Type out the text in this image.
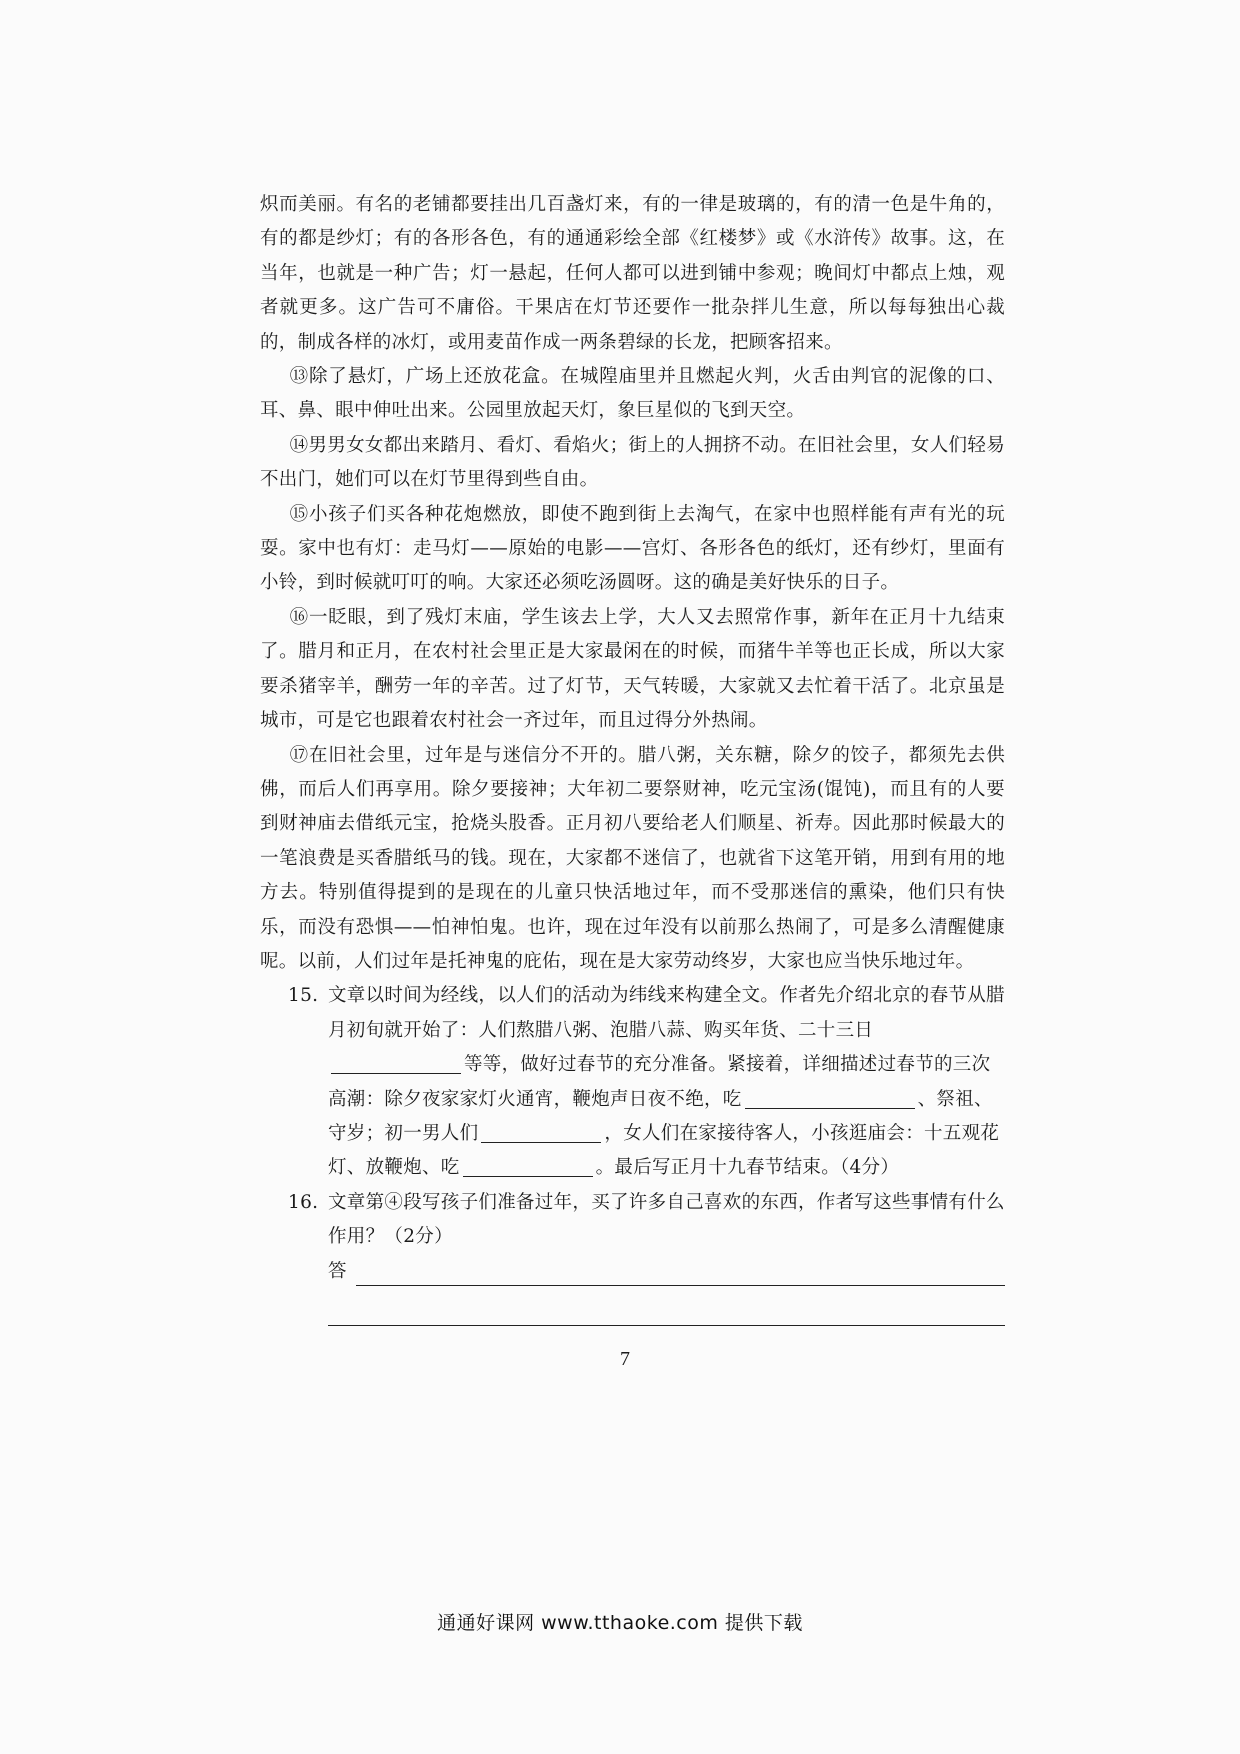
炽而美丽。有名的老铺都要挂出几百盏灯来，有的一律是玻璃的，有的清一色是牛角的，有的都是纱灯；有的各形各色，有的通通彩绘全部《红楼梦》或《水浒传》故事。这，在当年，也就是一种广告；灯一悬起，任何人都可以进到铺中参观；晚间灯中都点上烛，观者就更多。这广告可不庸俗。干果店在灯节还要作一批杂拌儿生意，所以每每独出心裁的，制成各样的冰灯，或用麦苗作成一两条碧绿的长龙，把顾客招来。

⑬除了悬灯，广场上还放花盒。在城隍庙里并且燃起火判，火舌由判官的泥像的口、耳、鼻、眼中伸吐出来。公园里放起天灯，象巨星似的飞到天空。

⑭男男女女都出来踏月、看灯、看焰火；街上的人拥挤不动。在旧社会里，女人们轻易不出门，她们可以在灯节里得到些自由。

⑮小孩子们买各种花炮燃放，即使不跑到街上去淘气，在家中也照样能有声有光的玩耍。家中也有灯：走马灯——原始的电影——宫灯、各形各色的纸灯，还有纱灯，里面有小铃，到时候就叮叮的响。大家还必须吃汤圆呀。这的确是美好快乐的日子。

⑯一眨眼，到了残灯末庙，学生该去上学，大人又去照常作事，新年在正月十九结束了。腊月和正月，在农村社会里正是大家最闲在的时候，而猪牛羊等也正长成，所以大家要杀猪宰羊，酬劳一年的辛苦。过了灯节，天气转暖，大家就又去忙着干活了。北京虽是城市，可是它也跟着农村社会一齐过年，而且过得分外热闹。

⑰在旧社会里，过年是与迷信分不开的。腊八粥，关东糖，除夕的饺子，都须先去供佛，而后人们再享用。除夕要接神；大年初二要祭财神，吃元宝汤(馄饨)，而且有的人要到财神庙去借纸元宝，抢烧头股香。正月初八要给老人们顺星、祈寿。因此那时候最大的一笔浪费是买香腊纸马的钱。现在，大家都不迷信了，也就省下这笔开销，用到有用的地方去。特别值得提到的是现在的儿童只快活地过年，而不受那迷信的熏染，他们只有快乐，而没有恐惧——怕神怕鬼。也许，现在过年没有以前那么热闹了，可是多么清醒健康呢。以前，人们过年是托神鬼的庇佑，现在是大家劳动终岁，大家也应当快乐地过年。

15. 文章以时间为经线，以人们的活动为纬线来构建全文。作者先介绍北京的春节从腊月初旬就开始了：人们熬腊八粥、泡腊八蒜、购买年货、二十三日等等，做好过春节的充分准备。紧接着，详细描述过春节的三次高潮：除夕夜家家灯火通宵，鞭炮声日夜不绝，吃	、祭祖、守岁；初一男人们	，女人们在家接待客人，小孩逛庙会：十五观花灯、放鞭炮、吃	。最后写正月十九春节结束。（4分）
16. 文章第④段写孩子们准备过年，买了许多自己喜欢的东西，作者写这些事情有什么作用？（2分）
答
7
通通好课网 www.tthaoke.com 提供下载
